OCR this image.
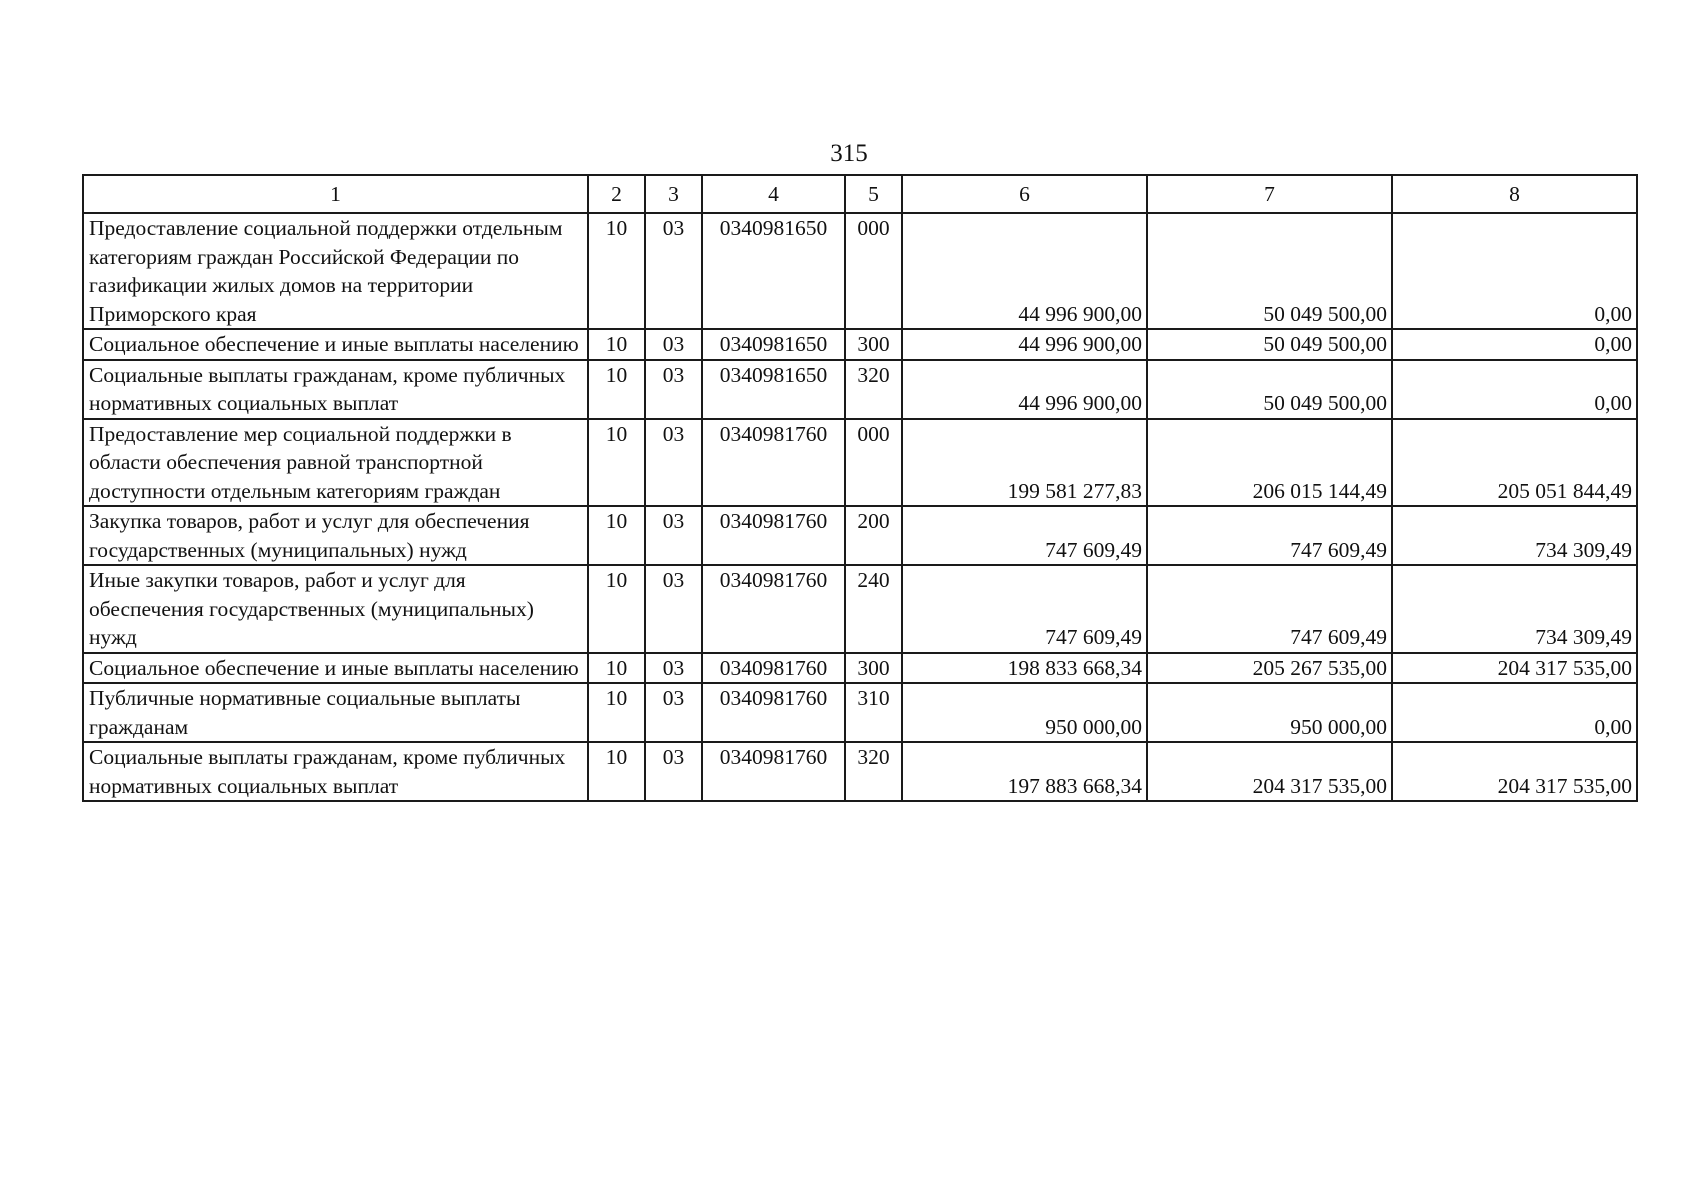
315
1	2	3	4	5	6	7	8
Предоставление социальной поддержки отдельным категориям граждан Российской Федерации по газификации жилых домов на территории Приморского края	10	03	0340981650	000	44 996 900,00	50 049 500,00	0,00
Социальное обеспечение и иные выплаты населению	10	03	0340981650	300	44 996 900,00	50 049 500,00	0,00
Социальные выплаты гражданам, кроме публичных нормативных социальных выплат	10	03	0340981650	320	44 996 900,00	50 049 500,00	0,00
Предоставление мер социальной поддержки в области обеспечения равной транспортной доступности отдельным категориям граждан	10	03	0340981760	000	199 581 277,83	206 015 144,49	205 051 844,49
Закупка товаров, работ и услуг для обеспечения государственных (муниципальных) нужд	10	03	0340981760	200	747 609,49	747 609,49	734 309,49
Иные закупки товаров, работ и услуг для обеспечения государственных (муниципальных) нужд	10	03	0340981760	240	747 609,49	747 609,49	734 309,49
Социальное обеспечение и иные выплаты населению	10	03	0340981760	300	198 833 668,34	205 267 535,00	204 317 535,00
Публичные нормативные социальные выплаты гражданам	10	03	0340981760	310	950 000,00	950 000,00	0,00
Социальные выплаты гражданам, кроме публичных нормативных социальных выплат	10	03	0340981760	320	197 883 668,34	204 317 535,00	204 317 535,00
